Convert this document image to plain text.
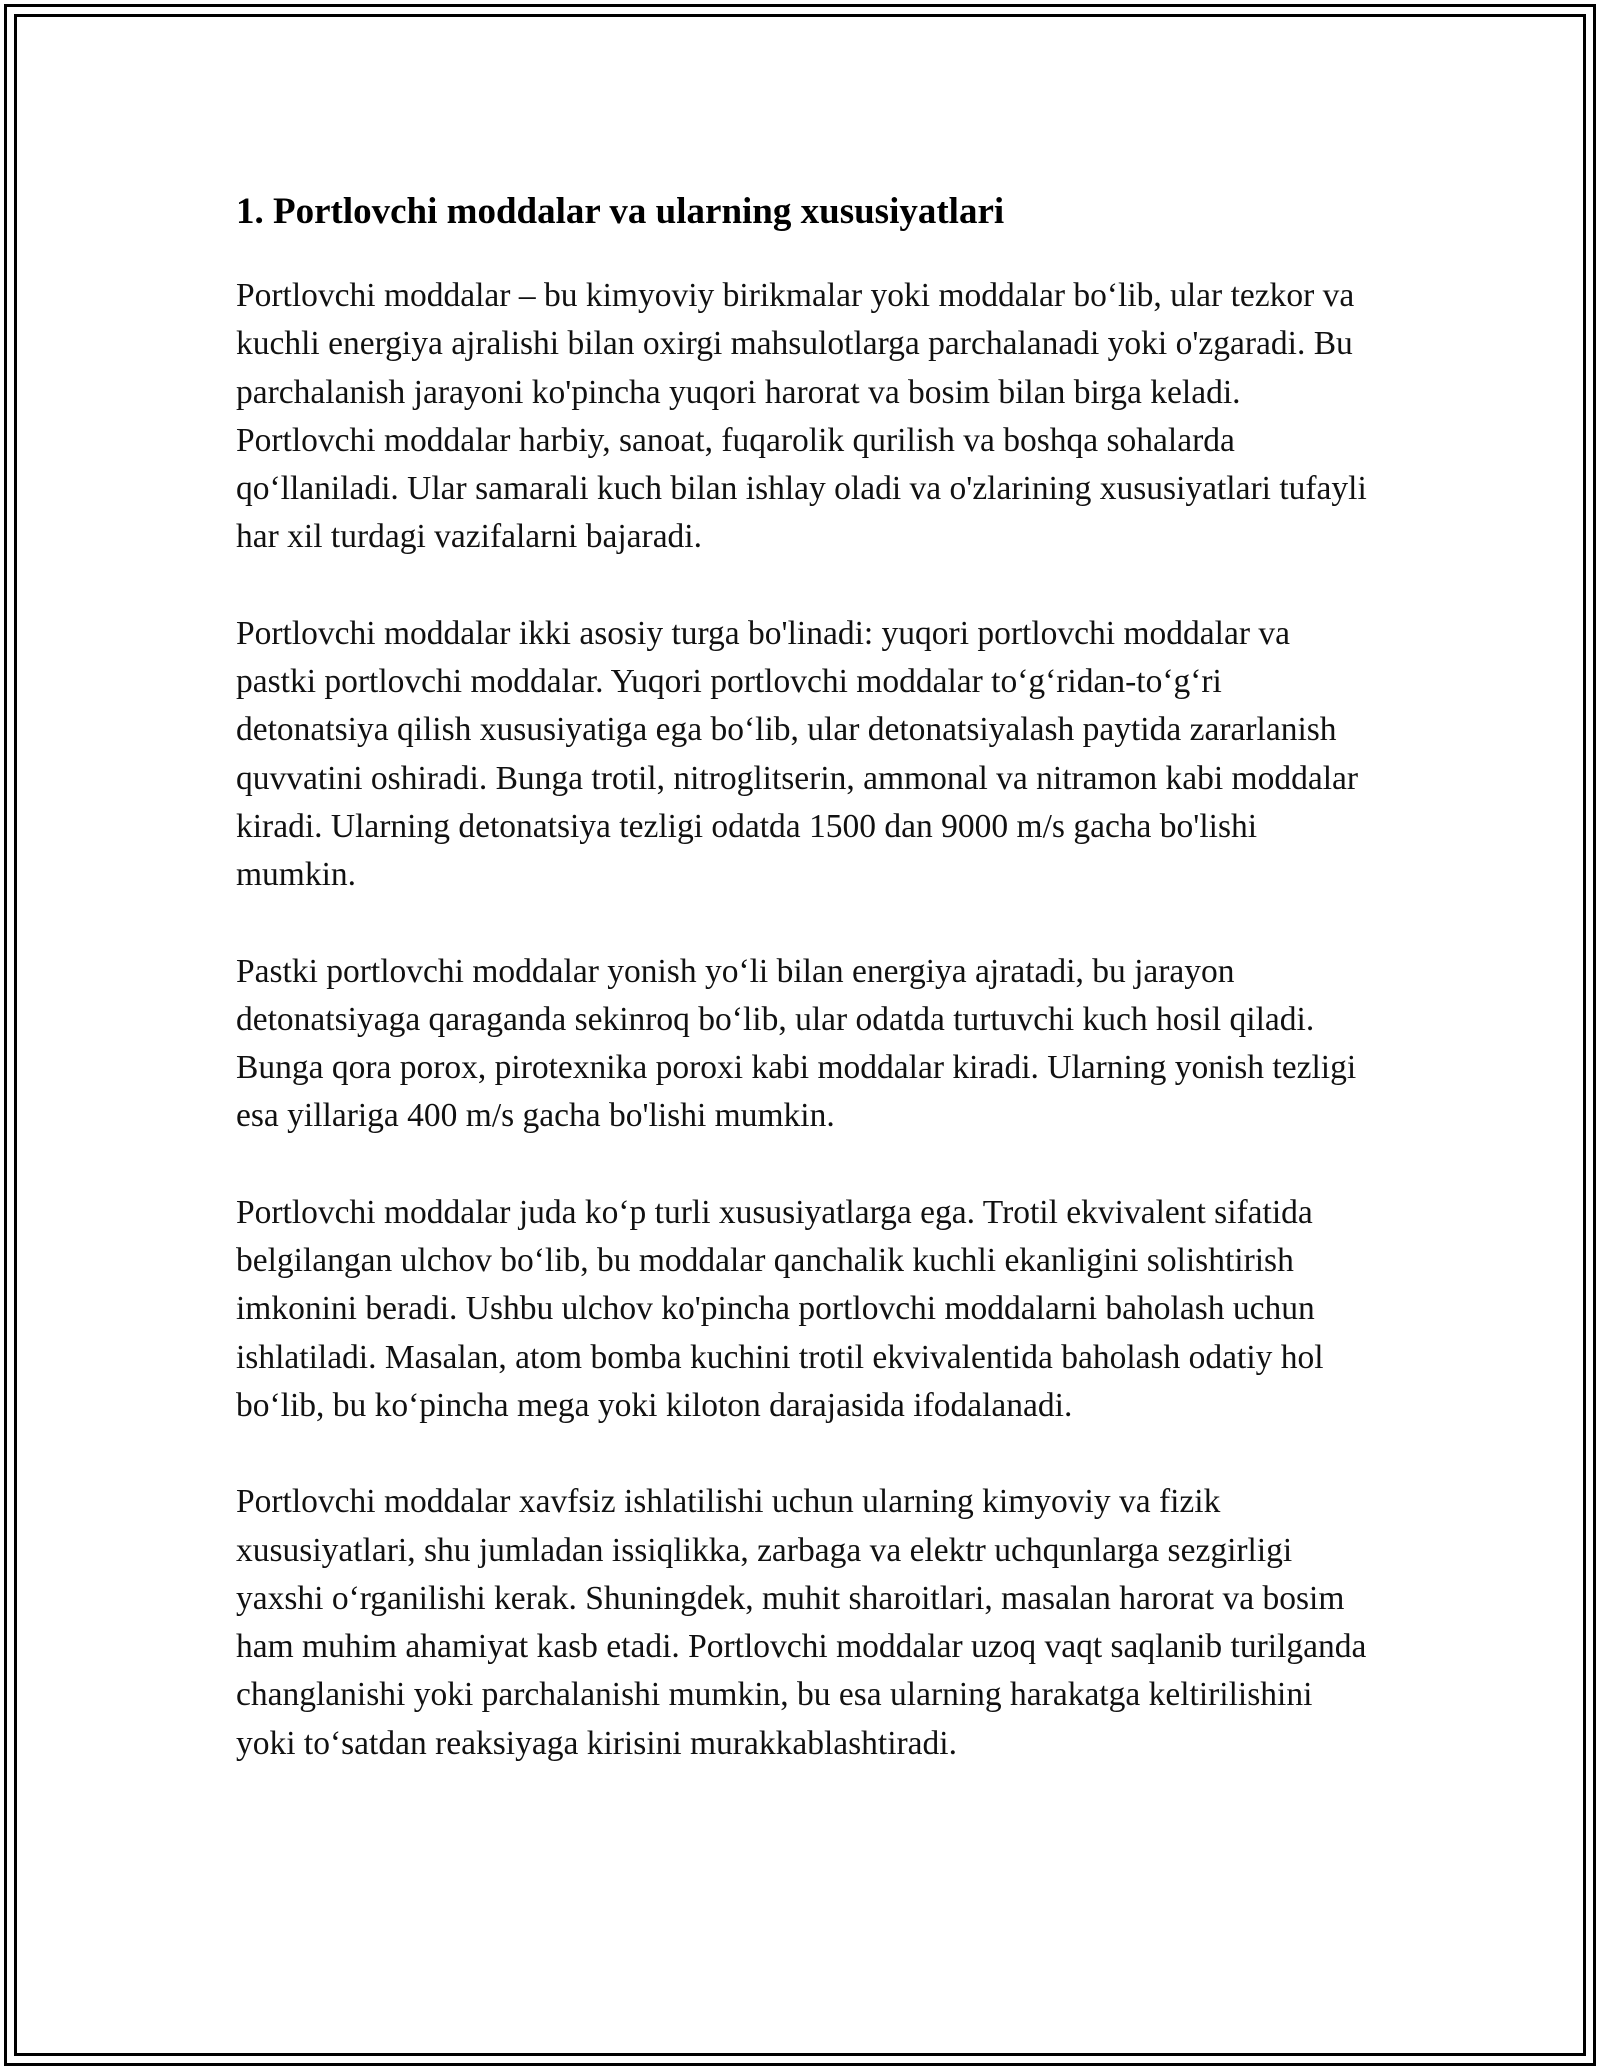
1. Portlovchi moddalar va ularning xususiyatlari

Portlovchi moddalar – bu kimyoviy birikmalar yoki moddalar boʻlib, ular tezkor va kuchli energiya ajralishi bilan oxirgi mahsulotlarga parchalanadi yoki o'zgaradi. Bu parchalanish jarayoni ko'pincha yuqori harorat va bosim bilan birga keladi. Portlovchi moddalar harbiy, sanoat, fuqarolik qurilish va boshqa sohalarda qoʻllaniladi. Ular samarali kuch bilan ishlay oladi va o'zlarining xususiyatlari tufayli har xil turdagi vazifalarni bajaradi.

Portlovchi moddalar ikki asosiy turga bo'linadi: yuqori portlovchi moddalar va pastki portlovchi moddalar. Yuqori portlovchi moddalar toʻgʻridan-toʻgʻri detonatsiya qilish xususiyatiga ega boʻlib, ular detonatsiyalash paytida zararlanish quvvatini oshiradi. Bunga trotil, nitroglitserin, ammonal va nitramon kabi moddalar kiradi. Ularning detonatsiya tezligi odatda 1500 dan 9000 m/s gacha bo'lishi mumkin.

Pastki portlovchi moddalar yonish yoʻli bilan energiya ajratadi, bu jarayon detonatsiyaga qaraganda sekinroq boʻlib, ular odatda turtuvchi kuch hosil qiladi. Bunga qora porox, pirotexnika poroxi kabi moddalar kiradi. Ularning yonish tezligi esa yillariga 400 m/s gacha bo'lishi mumkin.

Portlovchi moddalar juda koʻp turli xususiyatlarga ega. Trotil ekvivalent sifatida belgilangan ulchov boʻlib, bu moddalar qanchalik kuchli ekanligini solishtirish imkonini beradi. Ushbu ulchov ko'pincha portlovchi moddalarni baholash uchun ishlatiladi. Masalan, atom bomba kuchini trotil ekvivalentida baholash odatiy hol boʻlib, bu koʻpincha mega yoki kiloton darajasida ifodalanadi.

Portlovchi moddalar xavfsiz ishlatilishi uchun ularning kimyoviy va fizik xususiyatlari, shu jumladan issiqlikka, zarbaga va elektr uchqunlarga sezgirligi yaxshi oʻrganilishi kerak. Shuningdek, muhit sharoitlari, masalan harorat va bosim ham muhim ahamiyat kasb etadi. Portlovchi moddalar uzoq vaqt saqlanib turilganda changlanishi yoki parchalanishi mumkin, bu esa ularning harakatga keltirilishini yoki toʻsatdan reaksiyaga kirisini murakkablashtiradi.
